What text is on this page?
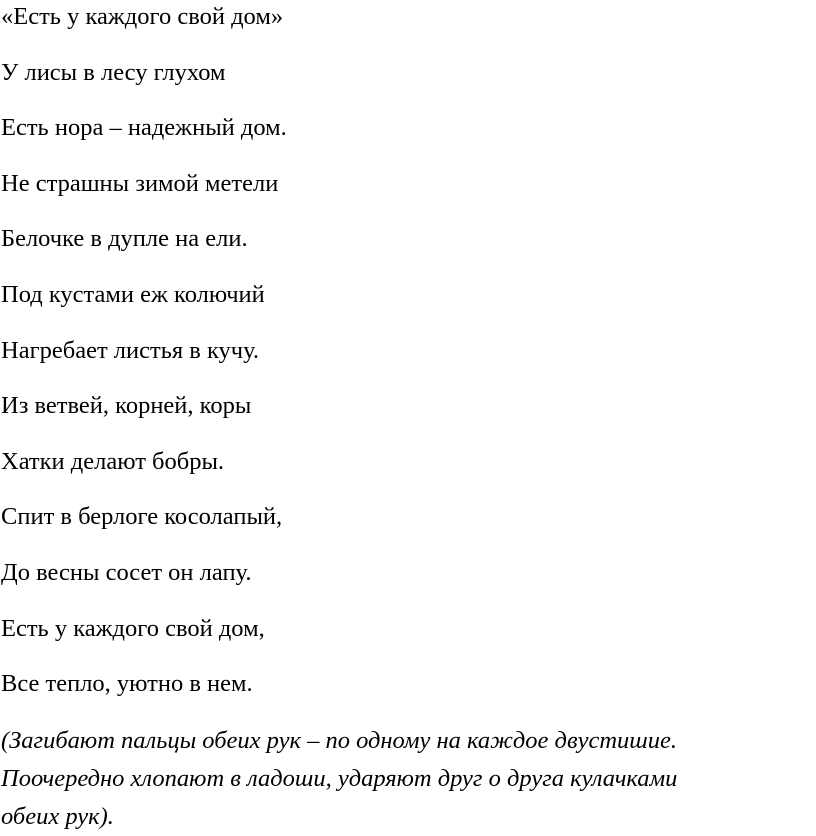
«Есть у каждого свой дом»
У лисы в лесу глухом
Есть нора – надежный дом.
Не страшны зимой метели
Белочке в дупле на ели.
Под кустами еж колючий
Нагребает листья в кучу.
Из ветвей, корней, коры
Хатки делают бобры.
Спит в берлоге косолапый,
До весны сосет он лапу.
Есть у каждого свой дом,
Все тепло, уютно в нем.
(Загибают пальцы обеих рук – по одному на каждое двустишие.
Поочередно хлопают в ладоши, ударяют друг о друга кулачками
обеих рук).
